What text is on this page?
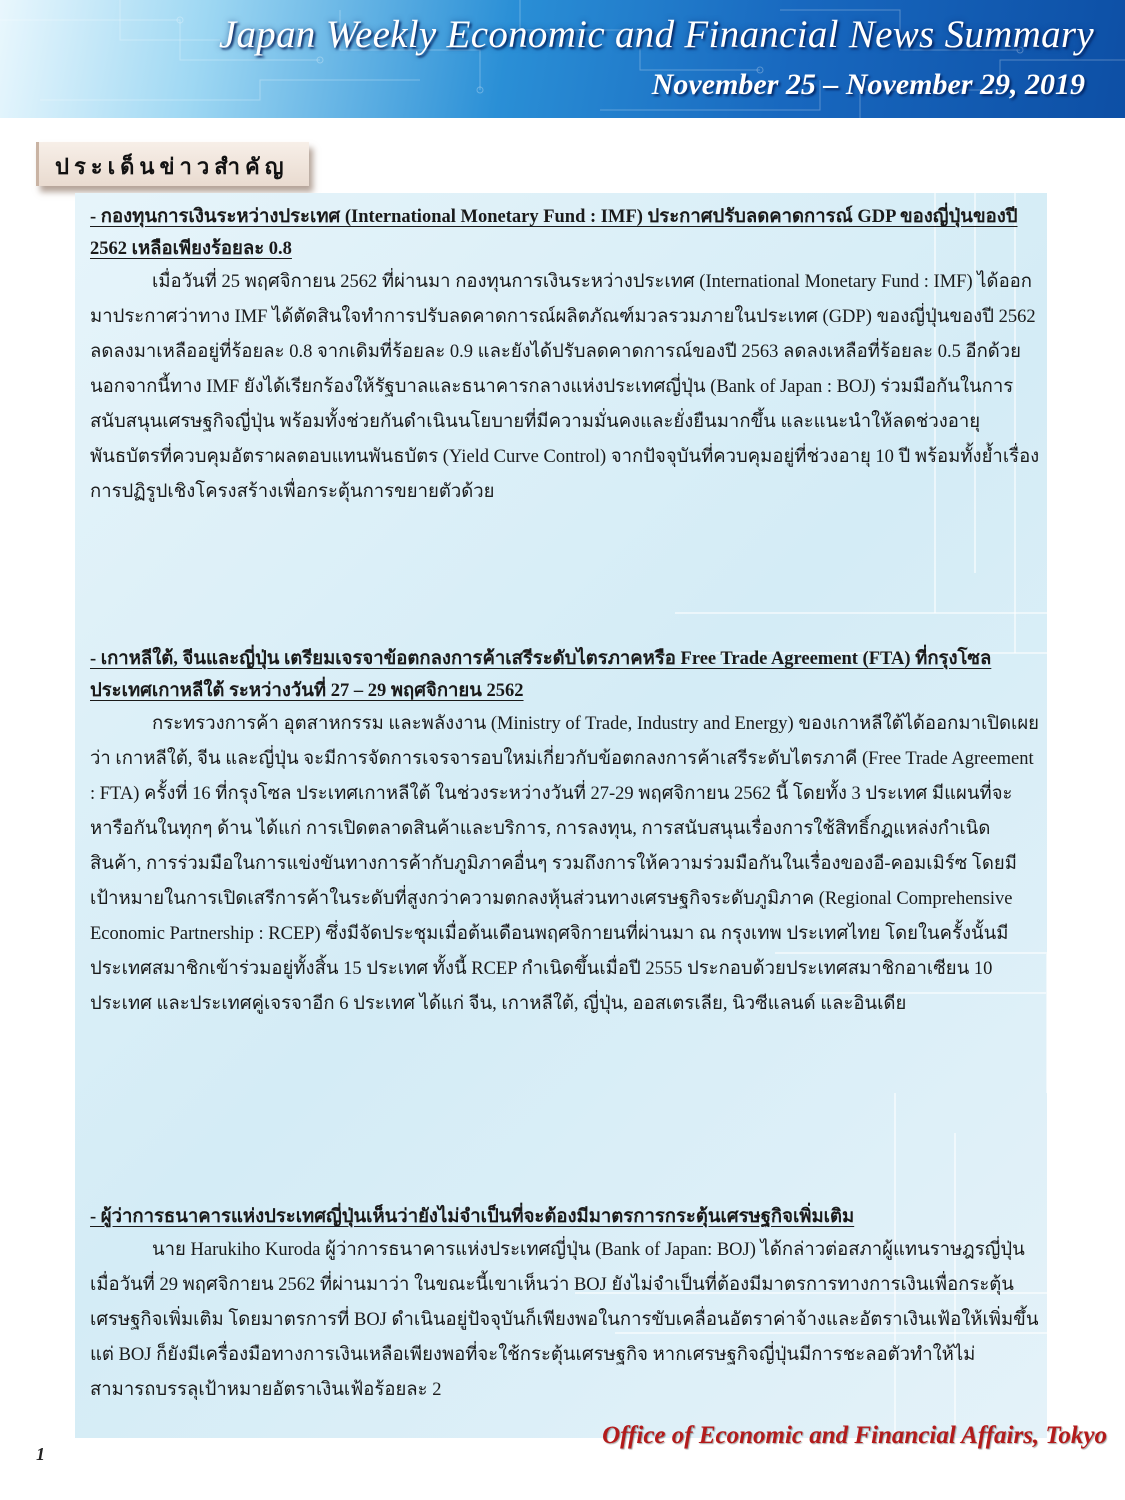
Japan Weekly Economic and Financial News Summary
November 25 – November 29, 2019
ประเด็นข่าวสำคัญ

- กองทุนการเงินระหว่างประเทศ (International Monetary Fund : IMF) ประกาศปรับลดคาดการณ์ GDP ของญี่ปุ่นของปี 2562 เหลือเพียงร้อยละ 0.8

เมื่อวันที่ 25 พฤศจิกายน 2562 ที่ผ่านมา กองทุนการเงินระหว่างประเทศ (International Monetary Fund : IMF) ได้ออกมาประกาศว่าทาง IMF ได้ตัดสินใจทำการปรับลดคาดการณ์ผลิตภัณฑ์มวลรวมภายในประเทศ (GDP) ของญี่ปุ่นของปี 2562 ลดลงมาเหลืออยู่ที่ร้อยละ 0.8 จากเดิมที่ร้อยละ 0.9 และยังได้ปรับลดคาดการณ์ของปี 2563 ลดลงเหลือที่ร้อยละ 0.5 อีกด้วย นอกจากนี้ทาง IMF ยังได้เรียกร้องให้รัฐบาลและธนาคารกลางแห่งประเทศญี่ปุ่น (Bank of Japan : BOJ) ร่วมมือกันในการสนับสนุนเศรษฐกิจญี่ปุ่น พร้อมทั้งช่วยกันดำเนินนโยบายที่มีความมั่นคงและยั่งยืนมากขึ้น และแนะนำให้ลดช่วงอายุพันธบัตรที่ควบคุมอัตราผลตอบแทนพันธบัตร (Yield Curve Control) จากปัจจุบันที่ควบคุมอยู่ที่ช่วงอายุ 10 ปี พร้อมทั้งย้ำเรื่องการปฏิรูปเชิงโครงสร้างเพื่อกระตุ้นการขยายตัวด้วย

- เกาหลีใต้, จีนและญี่ปุ่น เตรียมเจรจาข้อตกลงการค้าเสรีระดับไตรภาคหรือ Free Trade Agreement (FTA) ที่กรุงโซล ประเทศเกาหลีใต้ ระหว่างวันที่ 27 – 29 พฤศจิกายน 2562

กระทรวงการค้า อุตสาหกรรม และพลังงาน (Ministry of Trade, Industry and Energy) ของเกาหลีใต้ได้ออกมาเปิดเผยว่า เกาหลีใต้, จีน และญี่ปุ่น จะมีการจัดการเจรจารอบใหม่เกี่ยวกับข้อตกลงการค้าเสรีระดับไตรภาคี (Free Trade Agreement : FTA) ครั้งที่ 16 ที่กรุงโซล ประเทศเกาหลีใต้ ในช่วงระหว่างวันที่ 27-29 พฤศจิกายน 2562 นี้ โดยทั้ง 3 ประเทศ มีแผนที่จะหารือกันในทุกๆ ด้าน ได้แก่ การเปิดตลาดสินค้าและบริการ, การลงทุน, การสนับสนุนเรื่องการใช้สิทธิ์กฎแหล่งกำเนิดสินค้า, การร่วมมือในการแข่งขันทางการค้ากับภูมิภาคอื่นๆ รวมถึงการให้ความร่วมมือกันในเรื่องของอี-คอมเมิร์ซ โดยมีเป้าหมายในการเปิดเสรีการค้าในระดับที่สูงกว่าความตกลงหุ้นส่วนทางเศรษฐกิจระดับภูมิภาค (Regional Comprehensive Economic Partnership : RCEP) ซึ่งมีจัดประชุมเมื่อต้นเดือนพฤศจิกายนที่ผ่านมา ณ กรุงเทพ ประเทศไทย โดยในครั้งนั้นมีประเทศสมาชิกเข้าร่วมอยู่ทั้งสิ้น 15 ประเทศ ทั้งนี้ RCEP กำเนิดขึ้นเมื่อปี 2555 ประกอบด้วยประเทศสมาชิกอาเซียน 10 ประเทศ และประเทศคู่เจรจาอีก 6 ประเทศ ได้แก่ จีน, เกาหลีใต้, ญี่ปุ่น, ออสเตรเลีย, นิวซีแลนด์ และอินเดีย

- ผู้ว่าการธนาคารแห่งประเทศญี่ปุ่นเห็นว่ายังไม่จำเป็นที่จะต้องมีมาตรการกระตุ้นเศรษฐกิจเพิ่มเติม

นาย Harukiho Kuroda ผู้ว่าการธนาคารแห่งประเทศญี่ปุ่น (Bank of Japan: BOJ) ได้กล่าวต่อสภาผู้แทนราษฎรญี่ปุ่นเมื่อวันที่ 29 พฤศจิกายน 2562 ที่ผ่านมาว่า ในขณะนี้เขาเห็นว่า BOJ ยังไม่จำเป็นที่ต้องมีมาตรการทางการเงินเพื่อกระตุ้นเศรษฐกิจเพิ่มเติม โดยมาตรการที่ BOJ ดำเนินอยู่ปัจจุบันก็เพียงพอในการขับเคลื่อนอัตราค่าจ้างและอัตราเงินเฟ้อให้เพิ่มขึ้น แต่ BOJ ก็ยังมีเครื่องมือทางการเงินเหลือเพียงพอที่จะใช้กระตุ้นเศรษฐกิจ หากเศรษฐกิจญี่ปุ่นมีการชะลอตัวทำให้ไม่สามารถบรรลุเป้าหมายอัตราเงินเฟ้อร้อยละ 2

1
Office of Economic and Financial Affairs, Tokyo
